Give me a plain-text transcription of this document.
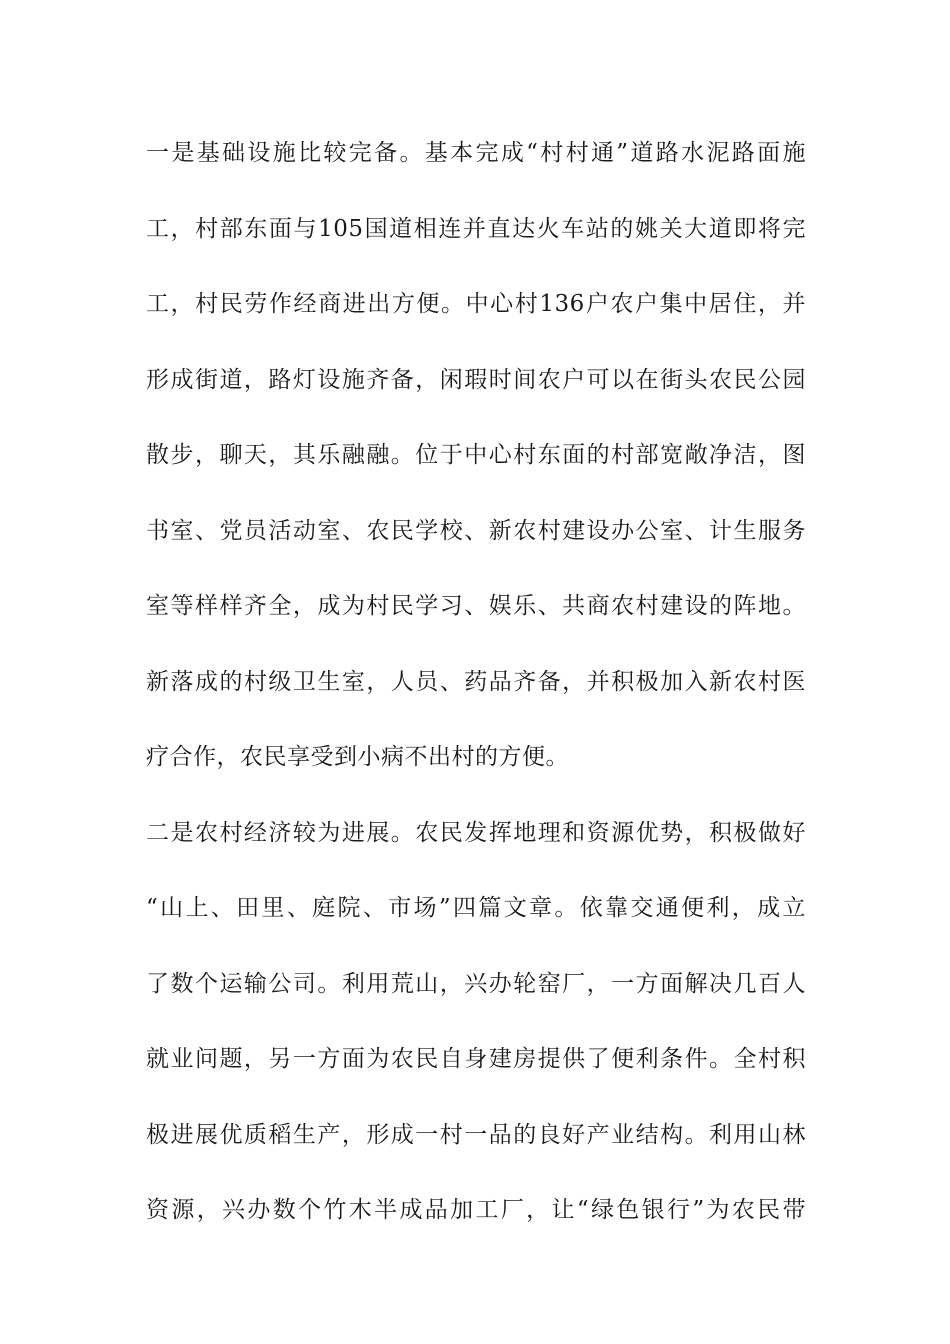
一是基础设施比较完备。基本完成“村村通”道路水泥路面施
工，村部东面与105国道相连并直达火车站的姚关大道即将完
工，村民劳作经商进出方便。中心村136户农户集中居住，并
形成街道，路灯设施齐备，闲瑕时间农户可以在街头农民公园
散步，聊天，其乐融融。位于中心村东面的村部宽敞净洁，图
书室、党员活动室、农民学校、新农村建设办公室、计生服务
室等样样齐全，成为村民学习、娱乐、共商农村建设的阵地。
新落成的村级卫生室，人员、药品齐备，并积极加入新农村医
疗合作，农民享受到小病不出村的方便。
二是农村经济较为进展。农民发挥地理和资源优势，积极做好
“山上、田里、庭院、市场”四篇文章。依靠交通便利，成立
了数个运输公司。利用荒山，兴办轮窑厂，一方面解决几百人
就业问题，另一方面为农民自身建房提供了便利条件。全村积
极进展优质稻生产，形成一村一品的良好产业结构。利用山林
资源，兴办数个竹木半成品加工厂，让“绿色银行”为农民带
